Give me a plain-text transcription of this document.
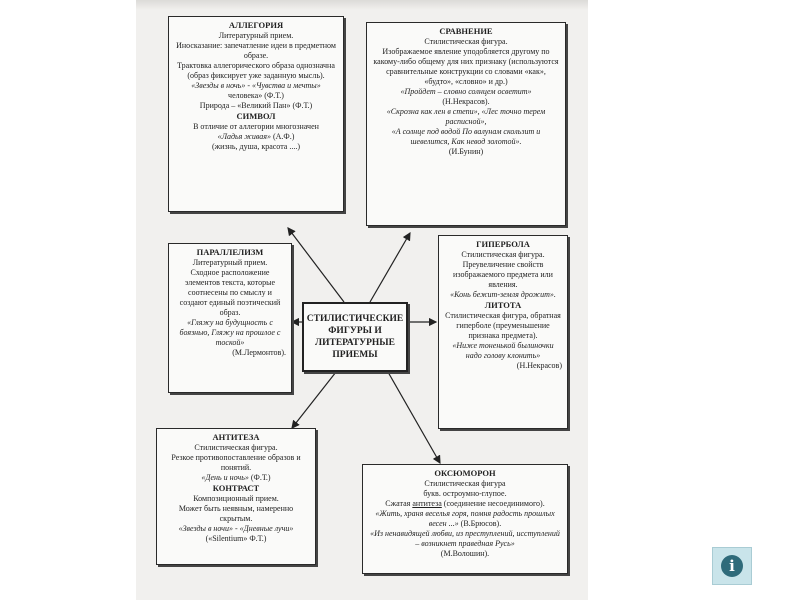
АЛЛЕГОРИЯ

Литературный прием.

Иносказание: запечатление идеи в предметном образе.

Трактовка аллегорического образа однозначна (образ фиксирует уже заданную мысль).

«Звезды в ночь» - «Чувства и мечты»

человека» (Ф.Т.)

Природа – «Великий Пан» (Ф.Т.)

СИМВОЛ

В отличие от аллегории многозначен

«Ладья живая» (А.Ф.)

(жизнь, душа, красота ....)

СРАВНЕНИЕ

Стилистическая фигура.

Изображаемое явление уподобляется другому по какому-либо общему для них признаку (используются сравнительные конструкции со словами «как», «будто», «словно» и др.)

«Пройдет – словно солнцем осветит»

(Н.Некрасов).

«Скрозна как лен в степи», «Лес точно терем расписной»,

«А солнце под водой По валунам скользит и шевелится, Как невод золотой».

(И.Бунин)

ПАРАЛЛЕЛИЗМ

Литературный прием.

Сходное расположение элементов текста, которые соотнесены по смыслу и создают единый поэтический образ.

«Гляжу на будущность с боязнью, Гляжу на прошлое с тоской»

(М.Лермонтов).

СТИЛИСТИЧЕСКИЕ ФИГУРЫ И ЛИТЕРАТУРНЫЕ ПРИЕМЫ

ГИПЕРБОЛА

Стилистическая фигура.

Преувеличение свойств изображаемого предмета или явления.

«Конь бежит-земля дрожит».

ЛИТОТА

Стилистическая фигура, обратная гиперболе (преуменьшение признака предмета).

«Ниже тоненькой былиночки надо голову клонить»

(Н.Некрасов)

АНТИТЕЗА

Стилистическая фигура.

Резкое противопоставление образов и понятий.

«День и ночь» (Ф.Т.)

КОНТРАСТ

Композиционный прием.

Может быть неявным, намеренно скрытым.

«Звезды в ночи» - «Дневные лучи»

(«Silentium» Ф.Т.)

ОКСЮМОРОН

Стилистическая фигура

букв. остроумно-глупое.

Сжатая антитеза (соединение несоединимого).

«Жить, храня веселья горя, помня радость прошлых весен ...» (В.Брюсов).

«Из ненавидящей любви, из преступлений, исступлений – возникнет праведная Русь»

(М.Волошин).

i
